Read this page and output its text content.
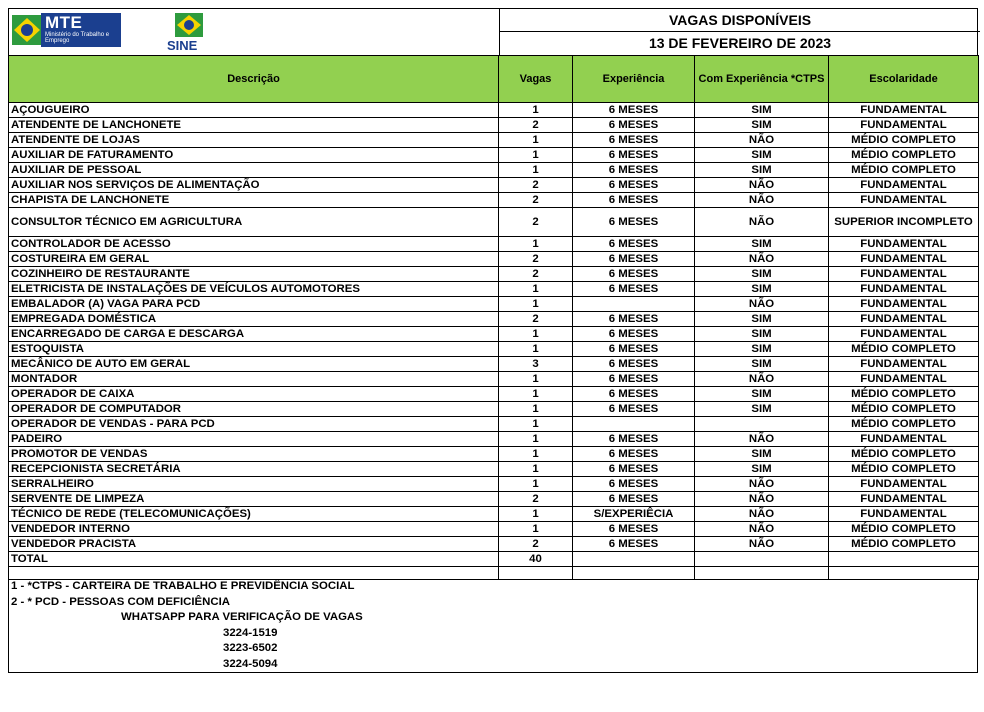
MTE
Ministério do Trabalho e Emprego	SINE
VAGAS DISPONÍVEIS
13 DE FEVEREIRO DE 2023
Descrição	Vagas	Experiência	Com Experiência *CTPS	Escolaridade
AÇOUGUEIRO	1	6 MESES	SIM	FUNDAMENTAL
ATENDENTE DE LANCHONETE	2	6 MESES	SIM	FUNDAMENTAL
ATENDENTE DE LOJAS	1	6 MESES	NÃO	MÉDIO COMPLETO
AUXILIAR DE FATURAMENTO	1	6 MESES	SIM	MÉDIO COMPLETO
AUXILIAR DE PESSOAL	1	6 MESES	SIM	MÉDIO COMPLETO
AUXILIAR NOS SERVIÇOS DE ALIMENTAÇÃO	2	6 MESES	NÃO	FUNDAMENTAL
CHAPISTA DE LANCHONETE	2	6 MESES	NÃO	FUNDAMENTAL
CONSULTOR TÉCNICO EM AGRICULTURA	2	6 MESES	NÃO	SUPERIOR INCOMPLETO
CONTROLADOR DE ACESSO	1	6 MESES	SIM	FUNDAMENTAL
COSTUREIRA EM GERAL	2	6 MESES	NÃO	FUNDAMENTAL
COZINHEIRO DE RESTAURANTE	2	6 MESES	SIM	FUNDAMENTAL
ELETRICISTA DE INSTALAÇÕES DE VEÍCULOS AUTOMOTORES	1	6 MESES	SIM	FUNDAMENTAL
EMBALADOR (A) VAGA PARA PCD	1		NÃO	FUNDAMENTAL
EMPREGADA DOMÉSTICA	2	6 MESES	SIM	FUNDAMENTAL
ENCARREGADO DE CARGA E DESCARGA	1	6 MESES	SIM	FUNDAMENTAL
ESTOQUISTA	1	6 MESES	SIM	MÉDIO COMPLETO
MECÂNICO DE AUTO EM GERAL	3	6 MESES	SIM	FUNDAMENTAL
MONTADOR	1	6 MESES	NÃO	FUNDAMENTAL
OPERADOR DE CAIXA	1	6 MESES	SIM	MÉDIO COMPLETO
OPERADOR DE COMPUTADOR	1	6 MESES	SIM	MÉDIO COMPLETO
OPERADOR DE VENDAS - PARA PCD	1			MÉDIO COMPLETO
PADEIRO	1	6 MESES	NÃO	FUNDAMENTAL
PROMOTOR DE VENDAS	1	6 MESES	SIM	MÉDIO COMPLETO
RECEPCIONISTA SECRETÁRIA	1	6 MESES	SIM	MÉDIO COMPLETO
SERRALHEIRO	1	6 MESES	NÃO	FUNDAMENTAL
SERVENTE DE LIMPEZA	2	6 MESES	NÃO	FUNDAMENTAL
TÉCNICO DE REDE (TELECOMUNICAÇÕES)	1	S/EXPERIÊCIA	NÃO	FUNDAMENTAL
VENDEDOR INTERNO	1	6 MESES	NÃO	MÉDIO COMPLETO
VENDEDOR PRACISTA	2	6 MESES	NÃO	MÉDIO COMPLETO
TOTAL	40			

1 - *CTPS - CARTEIRA DE TRABALHO E PREVIDÊNCIA SOCIAL
2 - * PCD - PESSOAS COM DEFICIÊNCIA
WHATSAPP PARA VERIFICAÇÃO DE VAGAS
3224-1519
3223-6502
3224-5094
